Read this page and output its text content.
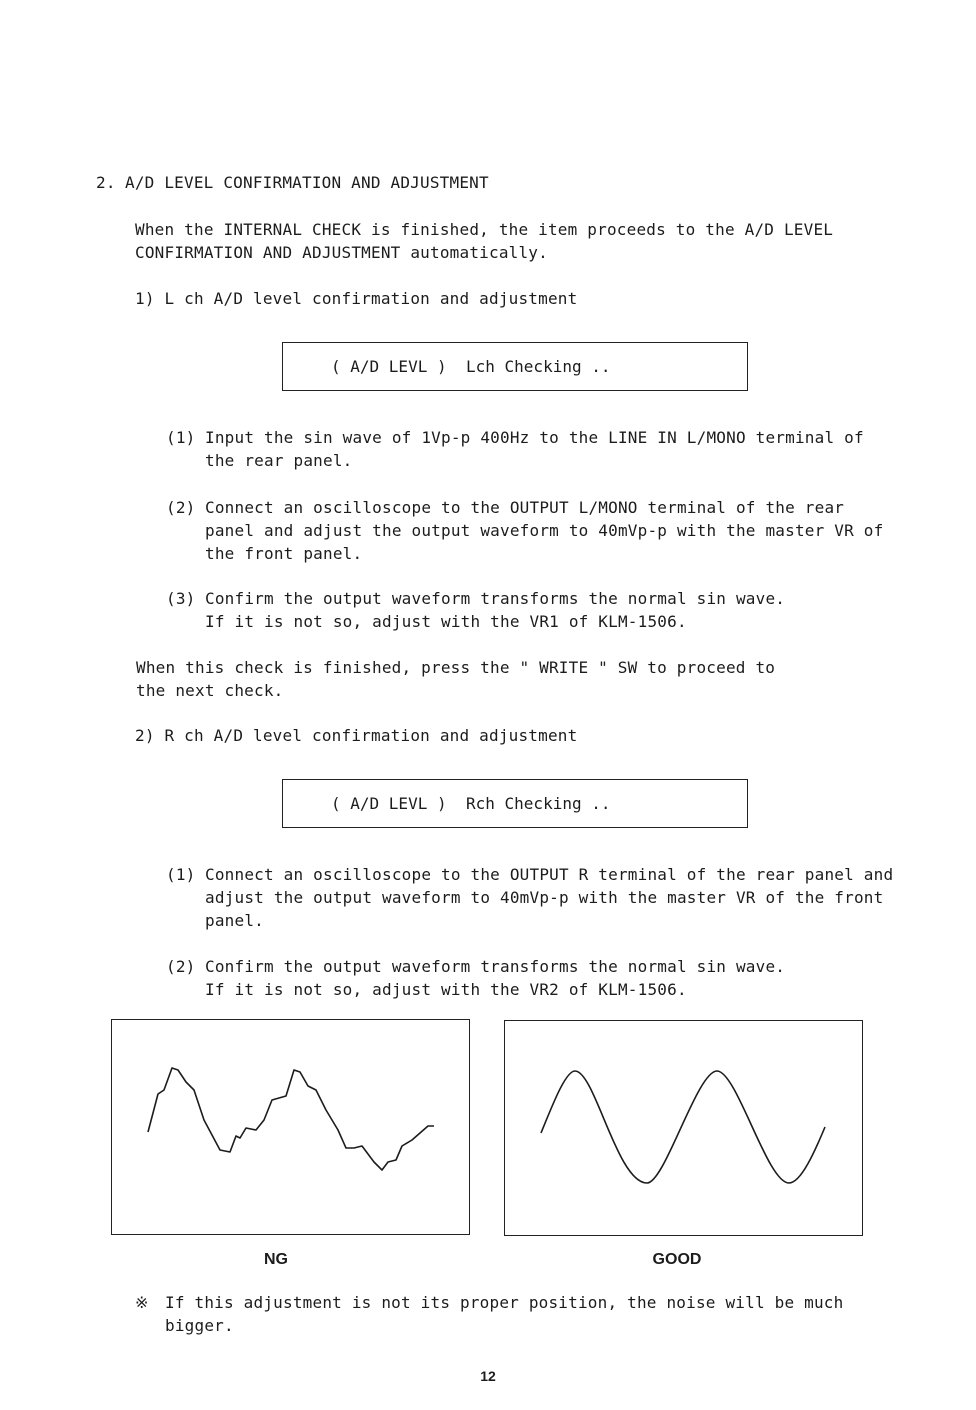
2. A/D LEVEL CONFIRMATION AND ADJUSTMENT
When the INTERNAL CHECK is finished, the item proceeds to the A/D LEVEL
CONFIRMATION AND ADJUSTMENT automatically.
1) L ch A/D level confirmation and adjustment
( A/D LEVL ) Lch Checking ..
(1) Input the sin wave of 1Vp-p 400Hz to the LINE IN L/MONO terminal of
the rear panel.
(2) Connect an oscilloscope to the OUTPUT L/MONO terminal of the rear
panel and adjust the output waveform to 40mVp-p with the master VR of
the front panel.
(3) Confirm the output waveform transforms the normal sin wave.
If it is not so, adjust with the VR1 of KLM-1506.
When this check is finished, press the " WRITE " SW to proceed to
the next check.
2) R ch A/D level confirmation and adjustment
( A/D LEVL ) Rch Checking ..
(1) Connect an oscilloscope to the OUTPUT R terminal of the rear panel and
adjust the output waveform to 40mVp-p with the master VR of the front
panel.
(2) Confirm the output waveform transforms the normal sin wave.
If it is not so, adjust with the VR2 of KLM-1506.
NG	GOOD
※ If this adjustment is not its proper position, the noise will be much
bigger.
12
